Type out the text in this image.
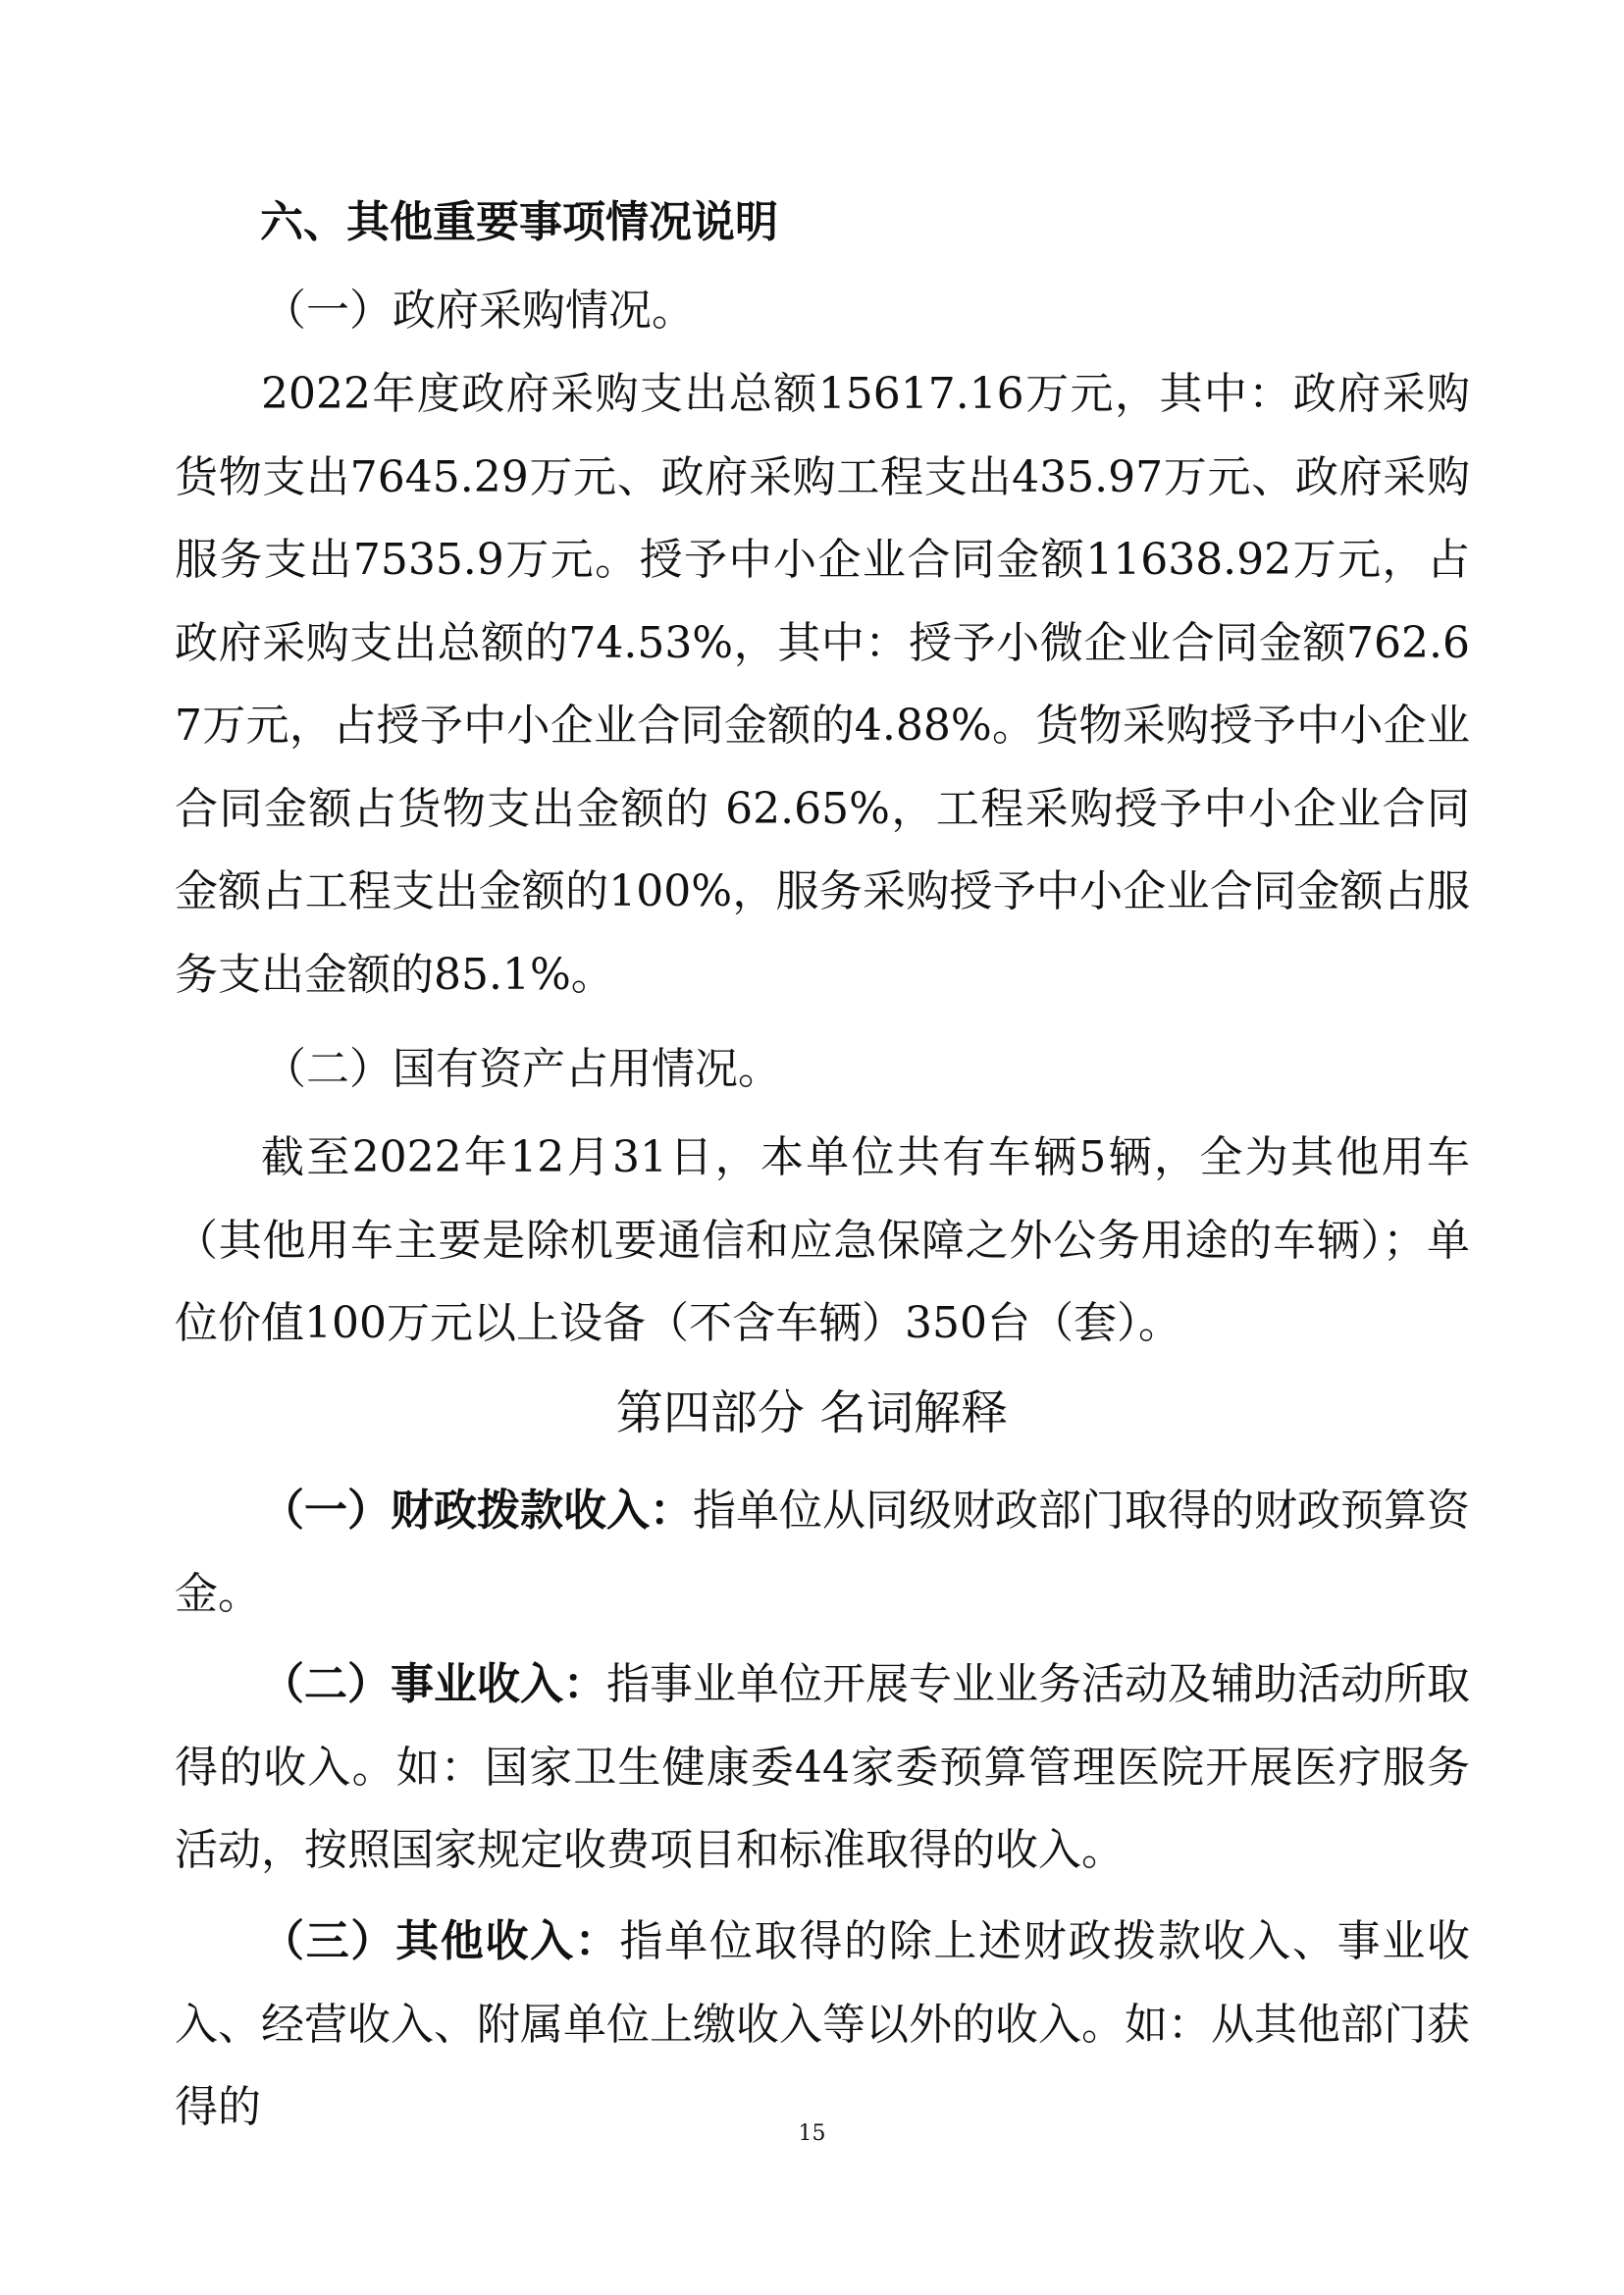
六、其他重要事项情况说明
（一）政府采购情况。
2022年度政府采购支出总额15617.16万元，其中：政府采购货物支出7645.29万元、政府采购工程支出435.97万元、政府采购服务支出7535.9万元。授予中小企业合同金额11638.92万元，占政府采购支出总额的74.53%，其中：授予小微企业合同金额762.67万元，占授予中小企业合同金额的4.88%。货物采购授予中小企业合同金额占货物支出金额的 62.65%，工程采购授予中小企业合同金额占工程支出金额的100%，服务采购授予中小企业合同金额占服务支出金额的85.1%。
（二）国有资产占用情况。
截至2022年12月31日，本单位共有车辆5辆，全为其他用车（其他用车主要是除机要通信和应急保障之外公务用途的车辆）；单位价值100万元以上设备（不含车辆）350台（套）。
第四部分 名词解释
（一）财政拨款收入：指单位从同级财政部门取得的财政预算资金。
（二）事业收入：指事业单位开展专业业务活动及辅助活动所取得的收入。如：国家卫生健康委44家委预算管理医院开展医疗服务活动，按照国家规定收费项目和标准取得的收入。
（三）其他收入：指单位取得的除上述财政拨款收入、事业收入、经营收入、附属单位上缴收入等以外的收入。如：从其他部门获得的
15
